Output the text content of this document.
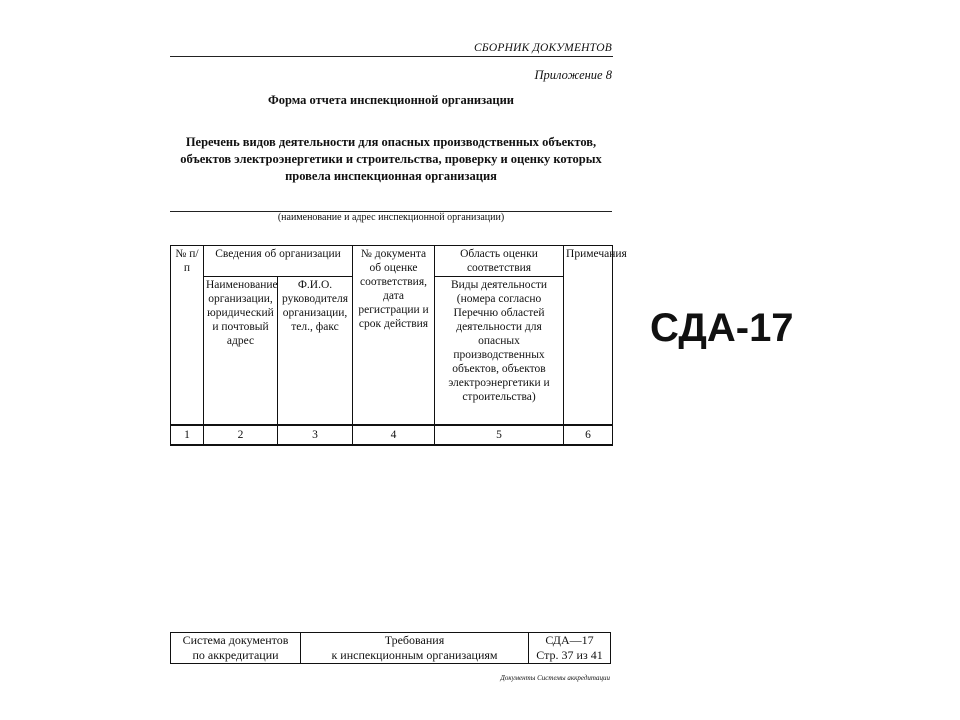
СБОРНИК ДОКУМЕНТОВ
Приложение 8
Форма отчета инспекционной организации
Перечень видов деятельности для опасных производственных объектов, объектов электроэнергетики и строительства, проверку и оценку которых провела инспекционная организация
(наименование и адрес инспекционной организации)
№ п/п	Сведения об организации		№ документа об оценке соответствия, дата регистрации и срок действия	Область оценки соответствия	Примечания
	Наименование организации, юридический и почтовый адрес	Ф.И.О. руководителя организации, тел., факс		Виды деятельности (номера согласно Перечню областей деятельности для опасных производственных объектов, объектов электроэнергетики и строительства)	
1	2	3	4	5	6
СДА-17
Система документов
по аккредитации

Требования
к инспекционным организациям

СДА—17
Стр. 37 из 41
Документы Системы аккредитации
